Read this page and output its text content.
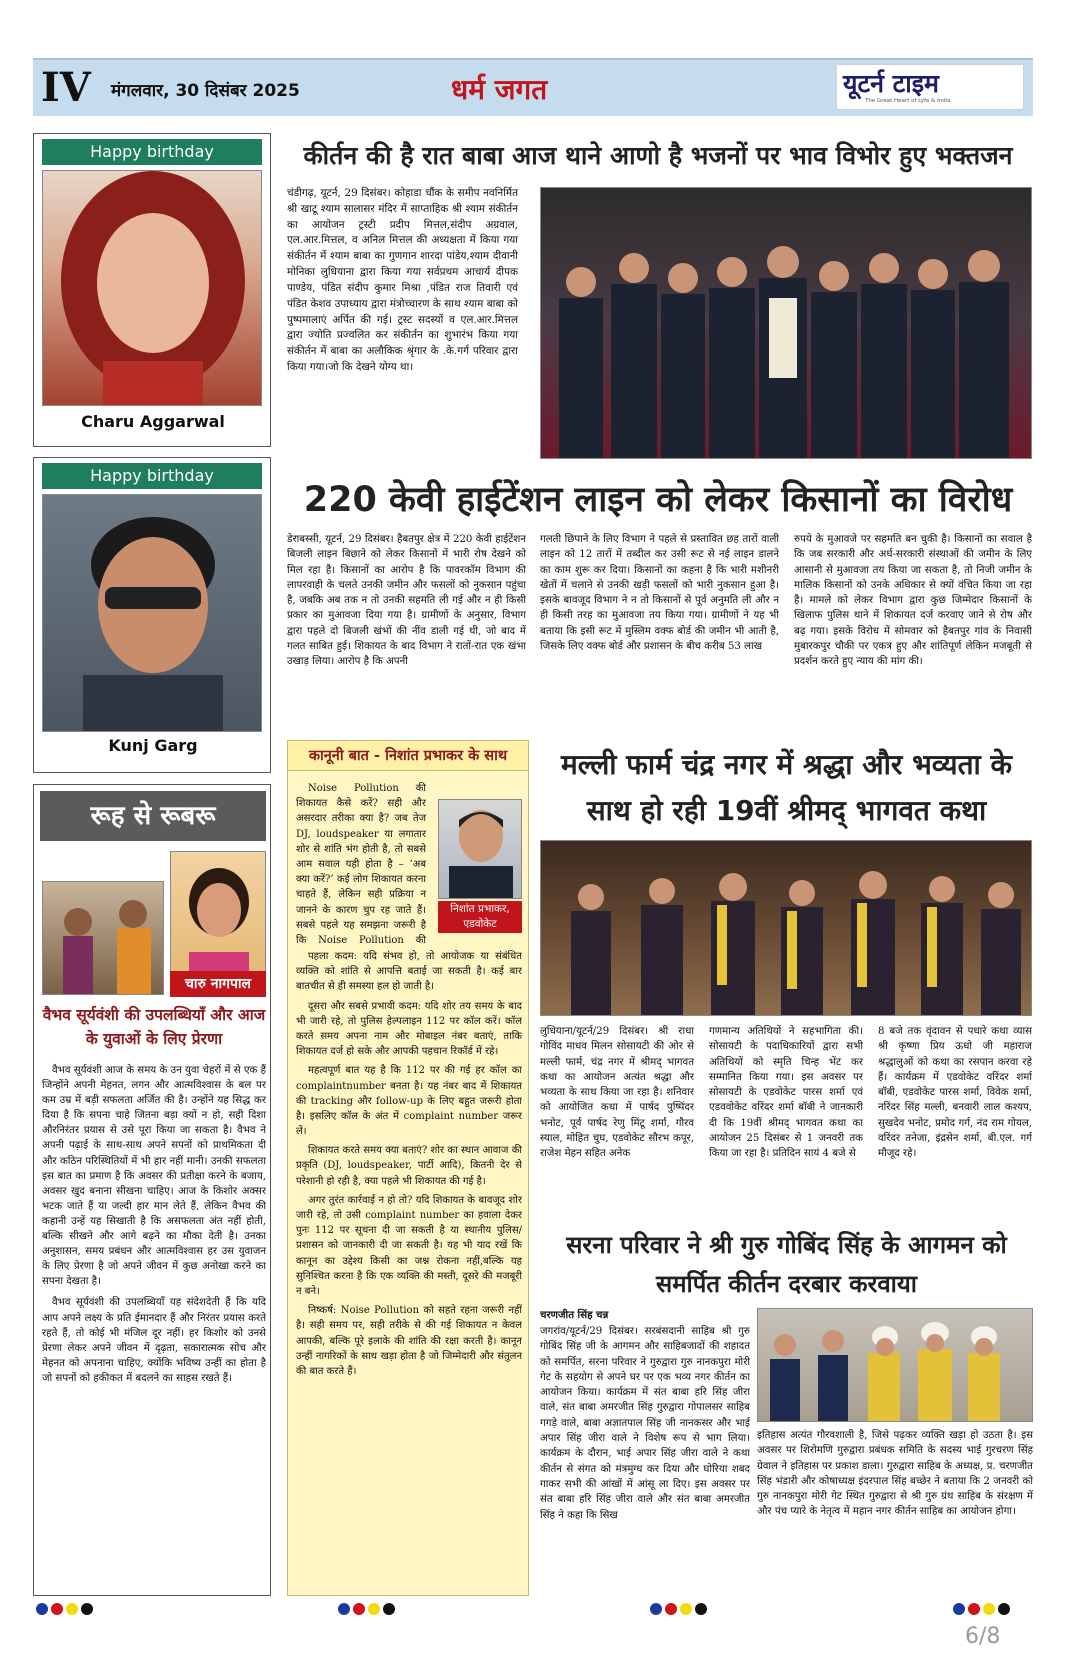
IV मंगलवार, 30 दिसंबर 2025	धर्म जगत	यूटर्न टाइम
The Great Heart of Lyfe & India
Happy birthday
Charu Aggarwal
Happy birthday
Kunj Garg
रूह से रूबरू
चारु नागपाल
वैभव सूर्यवंशी की उपलब्धियाँ और आज के युवाओं के लिए प्रेरणा

वैभव सूर्यवंशी आज के समय के उन युवा चेहरों में से एक हैं जिन्होंने अपनी मेहनत, लगन और आत्मविश्वास के बल पर कम उम्र में बड़ी सफलता अर्जित की है। उन्होंने यह सिद्ध कर दिया है कि सपना चाहे जितना बड़ा क्यों न हो, सही दिशा औरनिरंतर प्रयास से उसे पूरा किया जा सकता है। वैभव ने अपनी पढ़ाई के साथ-साथ अपने सपनों को प्राथमिकता दी और कठिन परिस्थितियों में भी हार नहीं मानी। उनकी सफलता इस बात का प्रमाण है कि अवसर की प्रतीक्षा करने के बजाय, अवसर खुद बनाना सीखना चाहिए। आज के किशोर अक्सर भटक जाते हैं या जल्दी हार मान लेते हैं, लेकिन वैभव की कहानी उन्हें यह सिखाती है कि असफलता अंत नहीं होती, बल्कि सीखने और आगे बढ़ने का मौका देती है। उनका अनुशासन, समय प्रबंधन और आत्मविश्वास हर उस युवाजन के लिए प्रेरणा है जो अपने जीवन में कुछ अनोखा करने का सपना देखता है।

वैभव सूर्यवंशी की उपलब्धियाँ यह संदेशदेती हैं कि यदि आप अपने लक्ष्य के प्रति ईमानदार हैं और निरंतर प्रयास करते रहते हैं, तो कोई भी मंजिल दूर नहीं। हर किशोर को उनसे प्रेरणा लेकर अपने जीवन में दृढ़ता, सकारात्मक सोच और मेहनत को अपनाना चाहिए, क्योंकि भविष्य उन्हीं का होता है जो सपनों को हकीकत में बदलने का साहस रखते हैं।

कीर्तन की है रात बाबा आज थाने आणो है भजनों पर भाव विभोर हुए भक्तजन
चंडीगढ़, यूटर्न, 29 दिसंबर। कोहाडा चौंक के समीप नवनिर्मित श्री खाटू श्याम सालासर मंदिर में साप्ताहिक श्री श्याम संकीर्तन का आयोजन ट्रस्टी प्रदीप मित्तल,संदीप अग्रवाल, एल.आर.मित्तल, व अनिल मित्तल की अध्यक्षता में किया गया संकीर्तन में श्याम बाबा का गुणगान शारदा पांडेय,श्याम दीवानी मोनिका लुधियाना द्वारा किया गया सर्वप्रथम आचार्य दीपक पाण्डेय, पंडित संदीप कुमार मिश्रा ,पंडित राज तिवारी एवं पंडित केशव उपाध्याय द्वारा मंत्रोच्चारण के साथ श्याम बाबा को पुष्पमालाएं अर्पित की गई। ट्रस्ट सदस्यों व एल.आर.मित्तल द्वारा ज्योति प्रज्वलित कर संकीर्तन का शुभारंभ किया गया संकीर्तन में बाबा का अलौकिक श्रृंगार के .के.गर्ग परिवार द्वारा किया गया।जो कि देखने योग्य था।
220 केवी हाईटेंशन लाइन को लेकर किसानों का विरोध
डेराबस्सी, यूटर्न, 29 दिसंबर। हैबतपुर क्षेत्र में 220 केवी हाईटेंशन बिजली लाइन बिछाने को लेकर किसानों में भारी रोष देखने को मिल रहा है। किसानों का आरोप है कि पावरकॉम विभाग की लापरवाही के चलते उनकी जमीन और फसलों को नुकसान पहुंचा है, जबकि अब तक न तो उनकी सहमति ली गई और न ही किसी प्रकार का मुआवजा दिया गया है। ग्रामीणों के अनुसार, विभाग द्वारा पहले दो बिजली खंभों की नींव डाली गई थी, जो बाद में गलत साबित हुई। शिकायत के बाद विभाग ने रातों-रात एक खंभा उखाड़ लिया। आरोप है कि अपनी
गलती छिपाने के लिए विभाग ने पहले से प्रस्तावित छह तारों वाली लाइन को 12 तारों में तब्दील कर उसी रूट से नई लाइन डालने का काम शुरू कर दिया। किसानों का कहना है कि भारी मशीनरी खेतों में चलाने से उनकी खड़ी फसलों को भारी नुकसान हुआ है। इसके बावजूद विभाग ने न तो किसानों से पूर्व अनुमति ली और न ही किसी तरह का मुआवजा तय किया गया। ग्रामीणों ने यह भी बताया कि इसी रूट में मुस्लिम वक्फ बोर्ड की जमीन भी आती है, जिसके लिए वक्फ बोर्ड और प्रशासन के बीच करीब 53 लाख
रुपये के मुआवजे पर सहमति बन चुकी है। किसानों का सवाल है कि जब सरकारी और अर्ध-सरकारी संस्थाओं की जमीन के लिए आसानी से मुआवजा तय किया जा सकता है, तो निजी जमीन के मालिक किसानों को उनके अधिकार से क्यों वंचित किया जा रहा है। मामले को लेकर विभाग द्वारा कुछ जिम्मेदार किसानों के खिलाफ पुलिस थाने में शिकायत दर्ज करवाए जाने से रोष और बढ़ गया। इसके विरोध में सोमवार को हैबतपुर गांव के निवासी मुबारकपुर चौकी पर एकत्र हुए और शांतिपूर्ण लेकिन मजबूती से प्रदर्शन करते हुए न्याय की मांग की।
कानूनी बात - निशांत प्रभाकर के साथ
निशांत प्रभाकर, एडवोकेट

Noise Pollution की शिकायत कैसे करें? सही और असरदार तरीका क्या है? जब तेज DJ, loudspeaker या लगातार शोर से शांति भंग होती है, तो सबसे आम सवाल यही होता है – ‘अब क्या करें?’ कई लोग शिकायत करना चाहते हैं, लेकिन सही प्रक्रिया न जानने के कारण चुप रह जाते हैं। सबसे पहले यह समझना जरूरी है कि Noise Pollution की

पहला कदम: यदि संभव हो, तो आयोजक या संबंधित व्यक्ति को शांति से आपत्ति बताई जा सकती है। कई बार बातचीत से ही समस्या हल हो जाती है।

दूसरा और सबसे प्रभावी कदम: यदि शोर तय समय के बाद भी जारी रहे, तो पुलिस हेल्पलाइन 112 पर कॉल करें। कॉल करते समय अपना नाम और मोबाइल नंबर बताएं, ताकि शिकायत दर्ज हो सके और आपकी पहचान रिकॉर्ड में रहे।

महत्वपूर्ण बात यह है कि 112 पर की गई हर कॉल का complaintnumber बनता है। यह नंबर बाद में शिकायत की tracking और follow-up के लिए बहुत जरूरी होता है। इसलिए कॉल के अंत में complaint number जरूर लें।

शिकायत करते समय क्या बताएं? शोर का स्थान आवाज की प्रकृति (DJ, loudspeaker, पार्टी आदि), कितनी देर से परेशानी हो रही है, क्या पहले भी शिकायत की गई है।

अगर तुरंत कार्रवाई न हो तो? यदि शिकायत के बावजूद शोर जारी रहे, तो उसी complaint number का हवाला देकर पुनः 112 पर सूचना दी जा सकती है या स्थानीय पुलिस/प्रशासन को जानकारी दी जा सकती है। यह भी याद रखें कि कानून का उद्देश्य किसी का जश्न रोकना नहीं,बल्कि यह सुनिश्चित करना है कि एक व्यक्ति की मस्ती, दूसरे की मजबूरी न बने।

निष्कर्ष: Noise Pollution को सहते रहना जरूरी नहीं है। सही समय पर, सही तरीके से की गई शिकायत न केवल आपकी, बल्कि पूरे इलाके की शांति की रक्षा करती है। कानून उन्हीं नागरिकों के साथ खड़ा होता है जो जिम्मेदारी और संतुलन की बात करते हैं।

मल्ली फार्म चंद्र नगर में श्रद्धा और भव्यता के साथ हो रही 19वीं श्रीमद् भागवत कथा
लुधियाना/यूटर्न/29 दिसंबर। श्री राधा गोविंद माधव मिलन सोसायटी की ओर से मल्ली फार्म, चंद्र नगर में श्रीमद् भागवत कथा का आयोजन अत्यंत श्रद्धा और भव्यता के साथ किया जा रहा है। शनिवार को आयोजित कथा में पार्षद पुष्पिंदर भनोट, पूर्व पार्षद रेणु मिंटू शर्मा, गौरव स्याल, मोहित चुघ, एडवोकेट सौरभ कपूर, राजेश मेहन सहित अनेक
गणमान्य अतिथियों ने सहभागिता की। सोसायटी के पदाधिकारियों द्वारा सभी अतिथियों को स्मृति चिन्ह भेंट कर सम्मानित किया गया। इस अवसर पर सोसायटी के एडवोकेट पारस शर्मा एवं एडववोकेट वरिंदर शर्मा बॉबी ने जानकारी दी कि 19वीं श्रीमद् भागवत कथा का आयोजन 25 दिसंबर से 1 जनवरी तक किया जा रहा है। प्रतिदिन सायं 4 बजे से
8 बजे तक वृंदावन से पधारे कथा व्यास श्री कृष्णा प्रिय ऊधो जी महाराज श्रद्धालुओं को कथा का रसपान करवा रहे हैं। कार्यक्रम में एडवोकेट वरिंदर शर्मा बॉबी, एडवोकेट पारस शर्मा, विवेक शर्मा, नरिंदर सिंह मल्ली, बनवारी लाल कश्यप, सुखदेव भनोट, प्रमोद गर्ग, नंद राम गोयल, वरिंदर तनेजा, इंद्रसेन शर्मा, बी.एल. गर्ग मौजूद रहे।
सरना परिवार ने श्री गुरु गोबिंद सिंह के आगमन को समर्पित कीर्तन दरबार करवाया
चरणजीत सिंह चन्न
जगरांव/यूटर्न/29 दिसंबर। सरबंसदानी साहिब श्री गुरु गोबिंद सिंह जी के आगमन और साहिबजादों की शहादत को समर्पित, सरना परिवार ने गुरुद्वारा गुरु नानकपुरा मोरी गेट के सहयोग से अपने घर पर एक भव्य नगर कीर्तन का आयोजन किया। कार्यक्रम में संत बाबा हरि सिंह जीरा वाले, संत बाबा अमरजीत सिंह गुरुद्वारा गोपालसर साहिब गगड़े वाले, बाबा अज्ञातपाल सिंह जी नानकसर और भाई अपार सिंह जीरा वाले ने विशेष रूप से भाग लिया। कार्यक्रम के दौरान, भाई अपार सिंह जीरा वाले ने कथा कीर्तन से संगत को मंत्रमुग्ध कर दिया और घोरिया शबद गाकर सभी की आंखों में आंसू ला दिए। इस अवसर पर संत बाबा हरि सिंह जीरा वाले और संत बाबा अमरजीत सिंह ने कहा कि सिख
इतिहास अत्यंत गौरवशाली है, जिसे पढ़कर व्यक्ति खड़ा हो उठता है। इस अवसर पर शिरोमणि गुरुद्वारा प्रबंधक समिति के सदस्य भाई गुरचरण सिंह ग्रेवाल ने इतिहास पर प्रकाश डाला। गुरुद्वारा साहिब के अध्यक्ष, प्र. चरणजीत सिंह भंडारी और कोषाध्यक्ष इंदरपाल सिंह बच्छेर ने बताया कि 2 जनवरी को गुरु नानकपुरा मोरी गेट स्थित गुरुद्वारा से श्री गुरु ग्रंथ साहिब के संरक्षण में और पंच प्यारे के नेतृत्व में महान नगर कीर्तन साहिब का आयोजन होगा।
6/8
